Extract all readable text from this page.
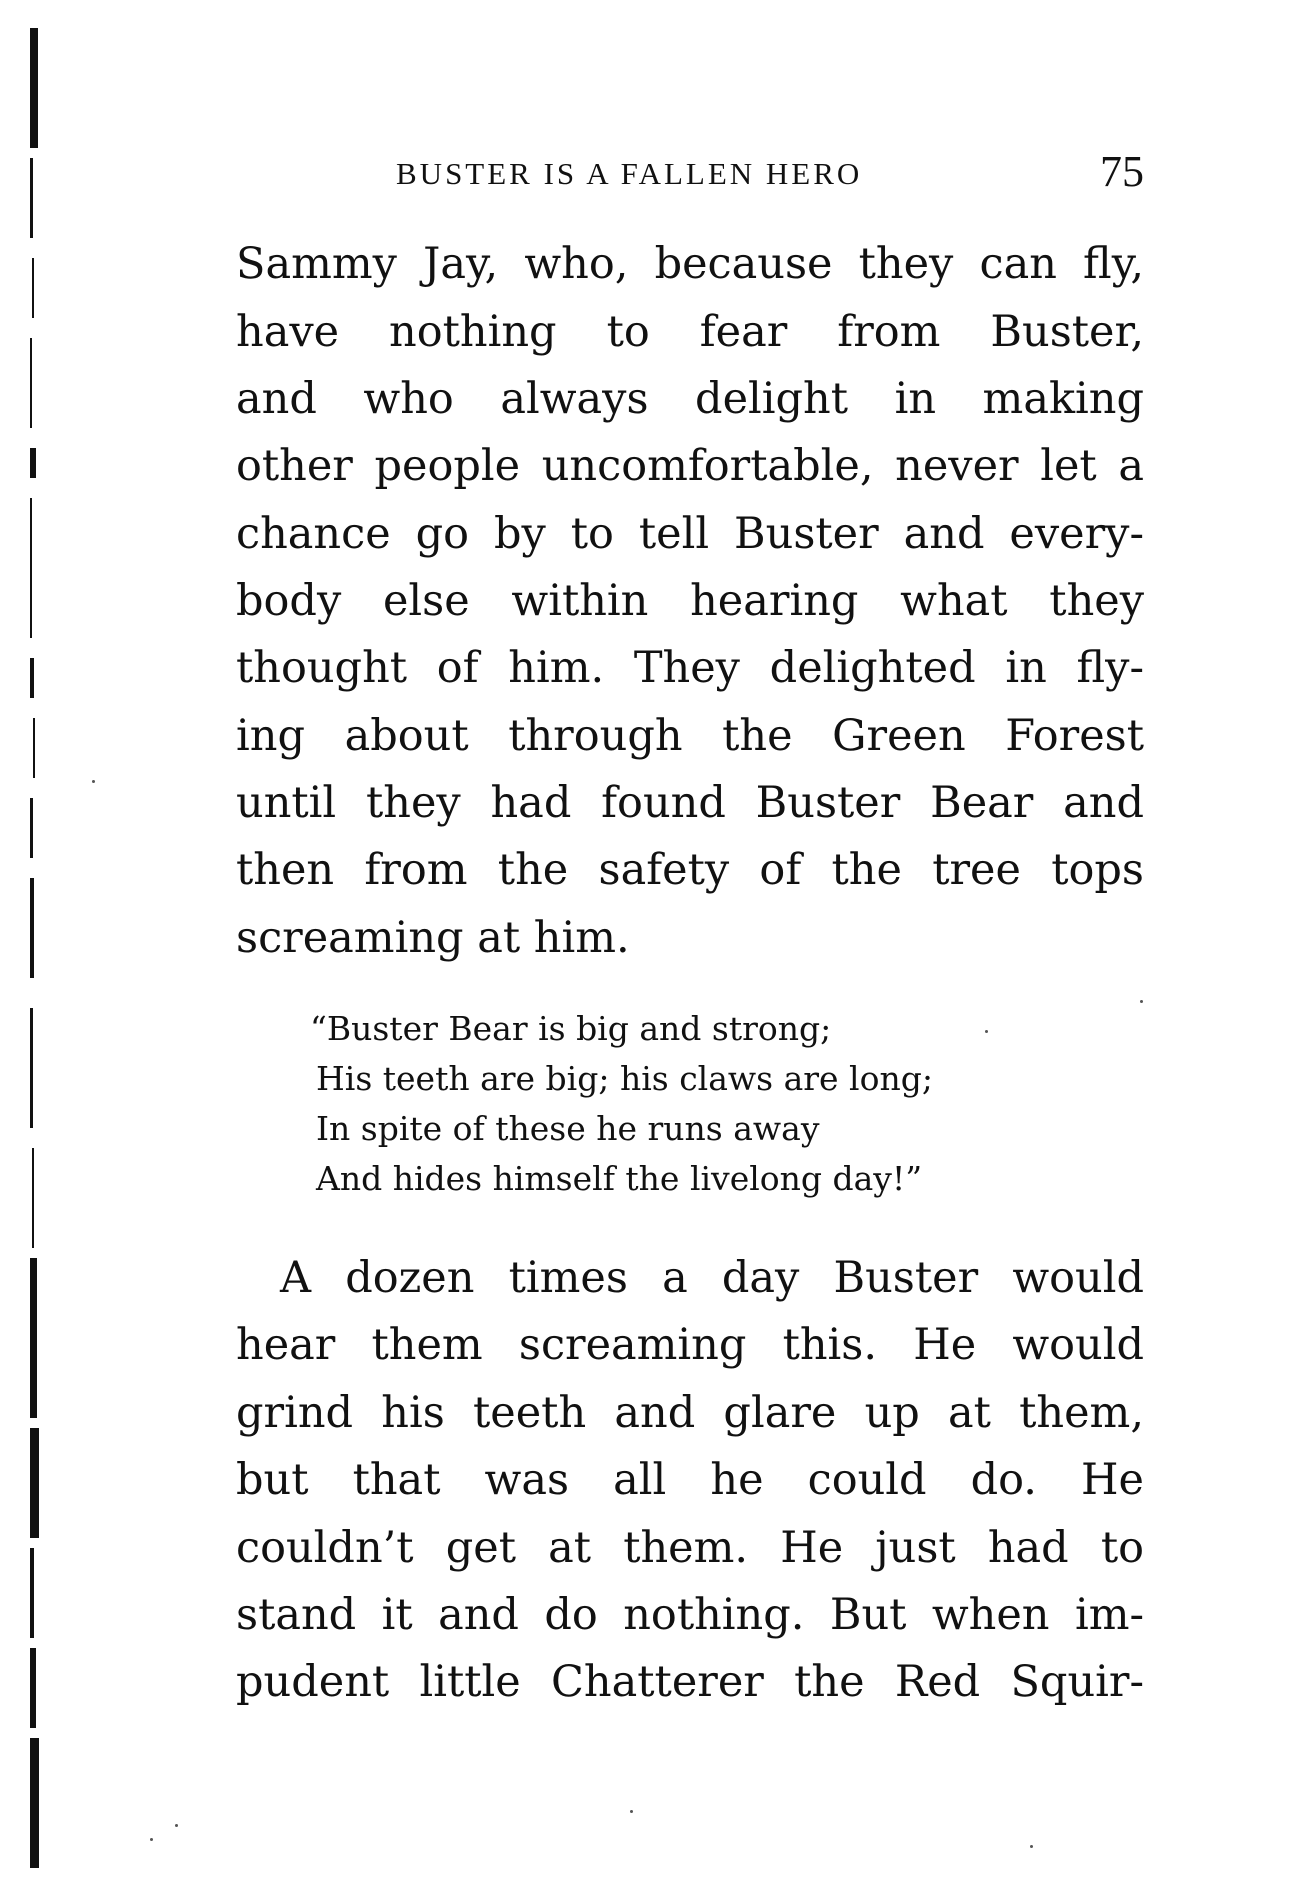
BUSTER IS A FALLEN HERO	75
Sammy Jay, who, because they can fly,
have nothing to fear from Buster,
and who always delight in making
other people uncomfortable, never let a
chance go by to tell Buster and every-
body else within hearing what they
thought of him. They delighted in fly-
ing about through the Green Forest
until they had found Buster Bear and
then from the safety of the tree tops
screaming at him.
“Buster Bear is big and strong;
His teeth are big; his claws are long;
In spite of these he runs away
And hides himself the livelong day!”
A dozen times a day Buster would
hear them screaming this. He would
grind his teeth and glare up at them,
but that was all he could do. He
couldn’t get at them. He just had to
stand it and do nothing. But when im-
pudent little Chatterer the Red Squir-
